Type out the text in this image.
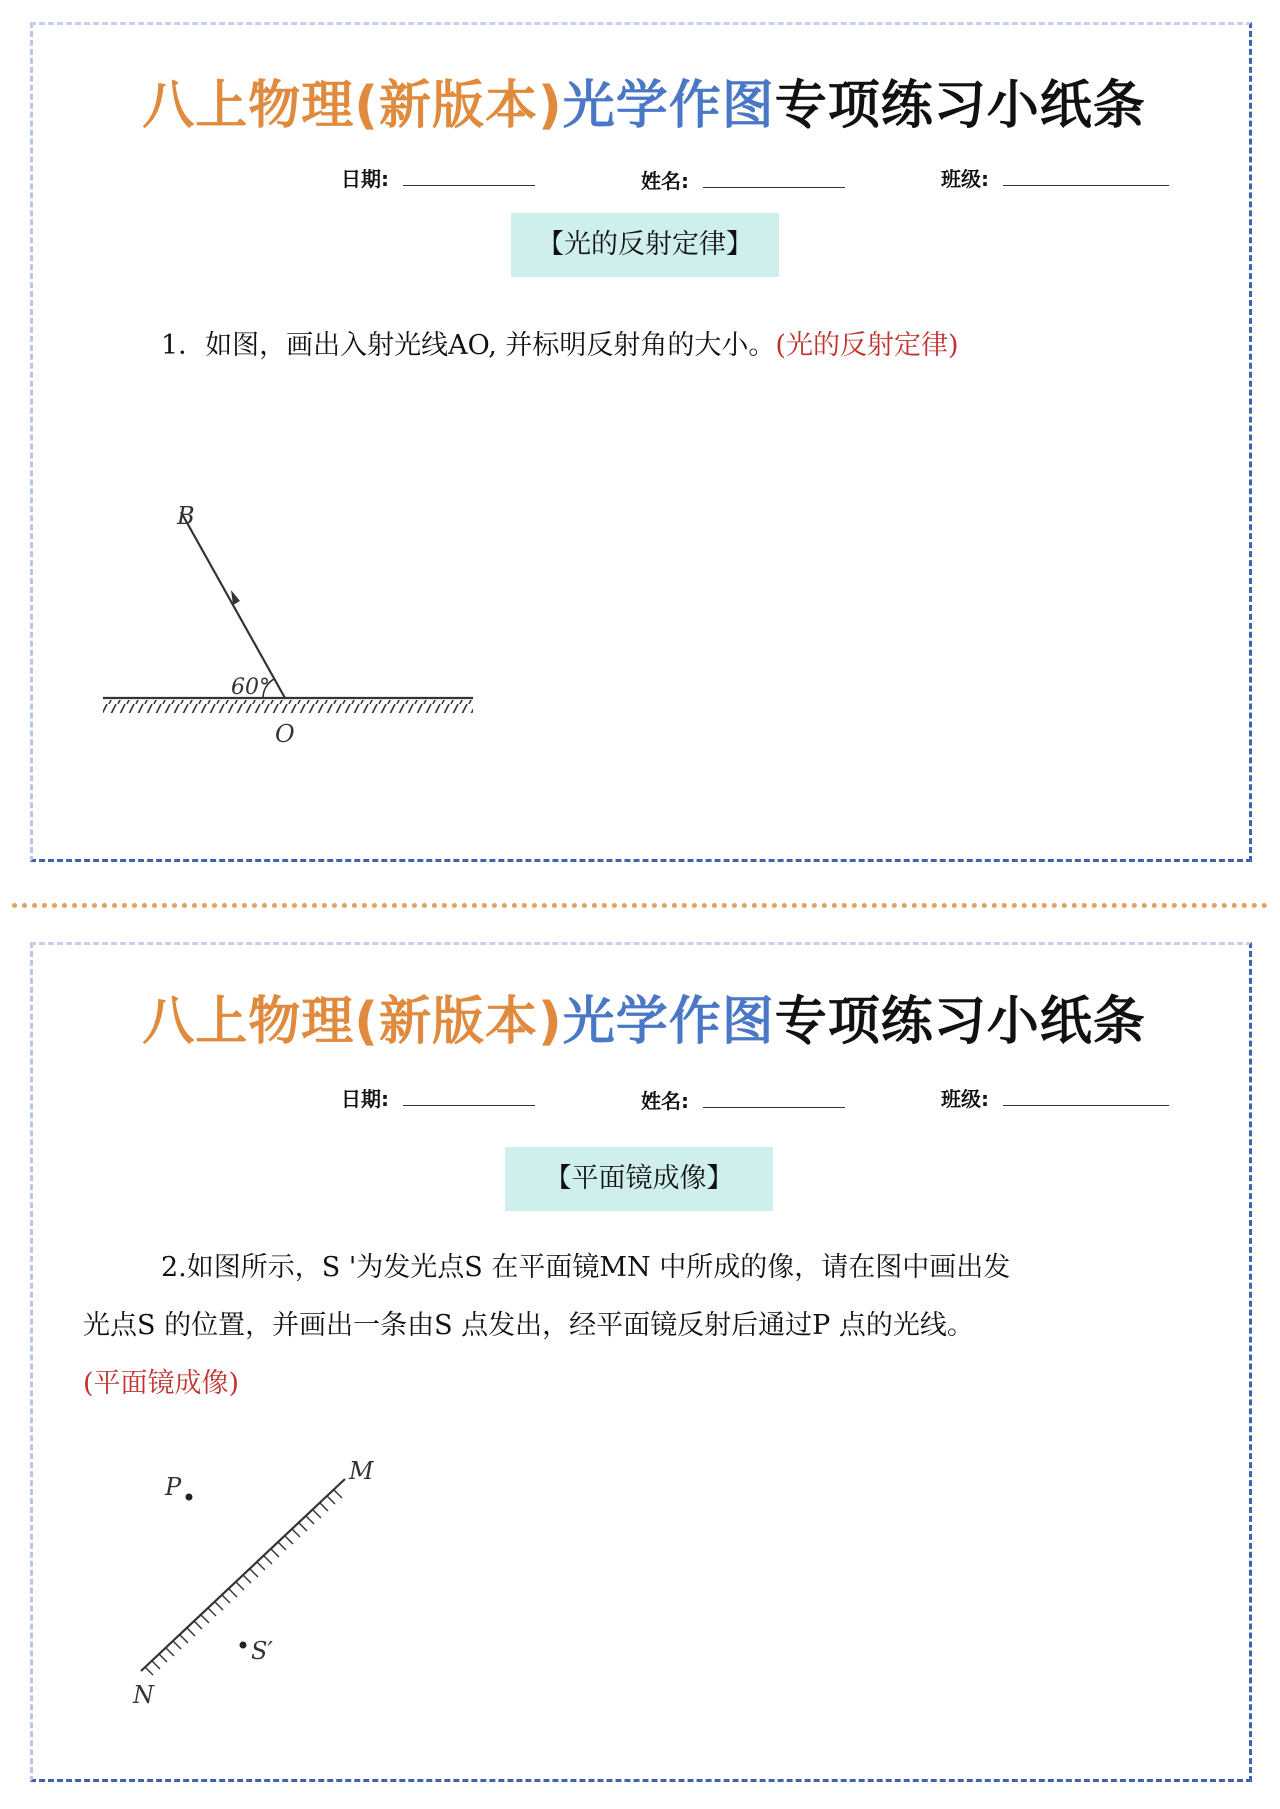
八上物理(新版本)光学作图专项练习小纸条
日期:	姓名:	班级:
【光的反射定律】
1．如图，画出入射光线AO, 并标明反射角的大小。(光的反射定律)
B
60°
O
八上物理(新版本)光学作图专项练习小纸条
日期:	姓名:	班级:
【平面镜成像】
2.如图所示，S '为发光点S 在平面镜MN 中所成的像，请在图中画出发
光点S 的位置，并画出一条由S 点发出，经平面镜反射后通过P 点的光线。
(平面镜成像)
P
M
N
S′
